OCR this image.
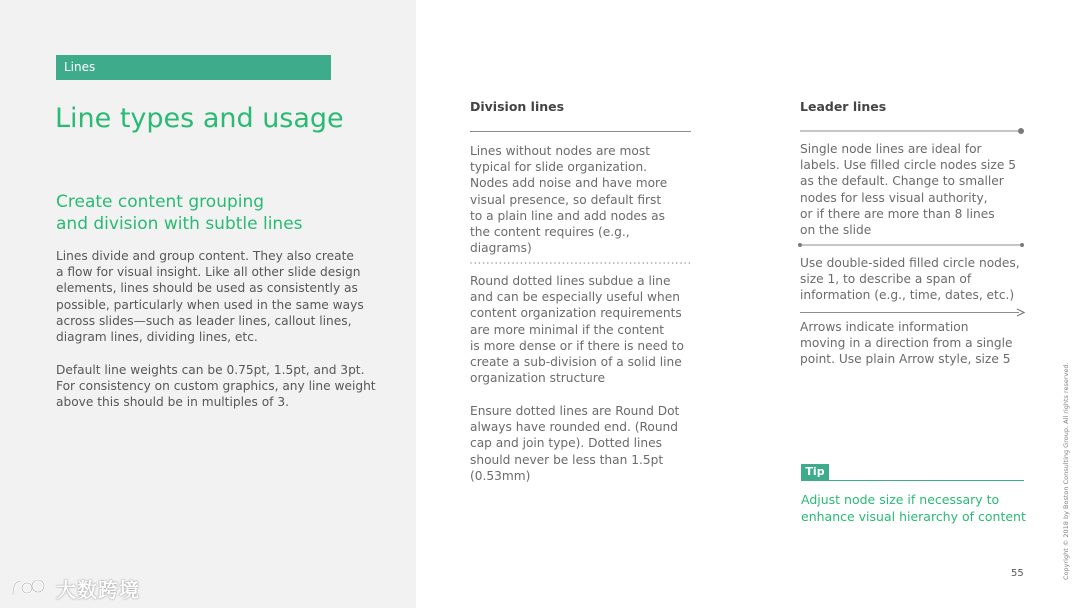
Lines
Line types and usage
Create content grouping
and division with subtle lines

Lines divide and group content. They also create
a flow for visual insight. Like all other slide design
elements, lines should be used as consistently as
possible, particularly when used in the same ways
across slides—such as leader lines, callout lines,
diagram lines, dividing lines, etc.

Default line weights can be 0.75pt, 1.5pt, and 3pt.
For consistency on custom graphics, any line weight
above this should be in multiples of 3.

大数跨境
Division lines

Lines without nodes are most
typical for slide organization.
Nodes add noise and have more
visual presence, so default first
to a plain line and add nodes as
the content requires (e.g.,
diagrams)

Round dotted lines subdue a line
and can be especially useful when
content organization requirements
are more minimal if the content
is more dense or if there is need to
create a sub-division of a solid line
organization structure

Ensure dotted lines are Round Dot
always have rounded end. (Round
cap and join type). Dotted lines
should never be less than 1.5pt
(0.53mm)

Leader lines

Single node lines are ideal for
labels. Use filled circle nodes size 5
as the default. Change to smaller
nodes for less visual authority,
or if there are more than 8 lines
on the slide

Use double-sided filled circle nodes,
size 1, to describe a span of
information (e.g., time, dates, etc.)

Arrows indicate information
moving in a direction from a single
point. Use plain Arrow style, size 5

Tip

Adjust node size if necessary to
enhance visual hierarchy of content

55	Copyright © 2018 by Boston Consulting Group. All rights reserved.
